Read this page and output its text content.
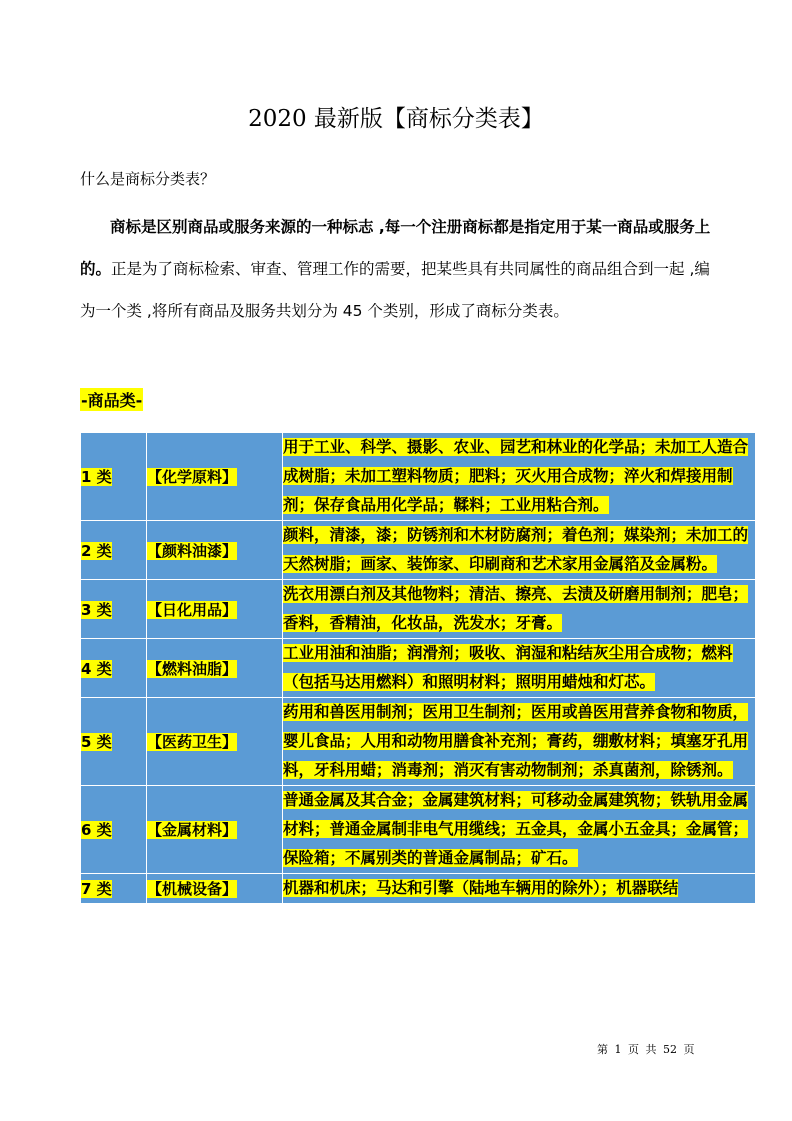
2020 最新版【商标分类表】
什么是商标分类表？
商标是区别商品或服务来源的一种标志 ,每一个注册商标都是指定用于某一商品或服务上的。正是为了商标检索、审查、管理工作的需要，把某些具有共同属性的商品组合到一起 ,编为一个类 ,将所有商品及服务共划分为 45 个类别，形成了商标分类表。
-商品类-
1 类	【化学原料】	用于工业、科学、摄影、农业、园艺和林业的化学品；未加工人造合成树脂；未加工塑料物质；肥料；灭火用合成物；淬火和焊接用制剂；保存食品用化学品；鞣料；工业用粘合剂。
2 类	【颜料油漆】	颜料，清漆，漆；防锈剂和木材防腐剂；着色剂；媒染剂；未加工的天然树脂；画家、装饰家、印刷商和艺术家用金属箔及金属粉。
3 类	【日化用品】	洗衣用漂白剂及其他物料；清洁、擦亮、去渍及研磨用制剂；肥皂；香料，香精油，化妆品，洗发水；牙膏。
4 类	【燃料油脂】	工业用油和油脂；润滑剂；吸收、润湿和粘结灰尘用合成物；燃料（包括马达用燃料）和照明材料；照明用蜡烛和灯芯。
5 类	【医药卫生】	药用和兽医用制剂；医用卫生制剂；医用或兽医用营养食物和物质，婴儿食品；人用和动物用膳食补充剂；膏药，绷敷材料；填塞牙孔用料，牙科用蜡；消毒剂；消灭有害动物制剂；杀真菌剂，除锈剂。
6 类	【金属材料】	普通金属及其合金；金属建筑材料；可移动金属建筑物；铁轨用金属材料；普通金属制非电气用缆线；五金具，金属小五金具；金属管；保险箱；不属别类的普通金属制品；矿石。
7 类	【机械设备】	机器和机床；马达和引擎（陆地车辆用的除外）；机器联结
第 1 页 共 52 页
